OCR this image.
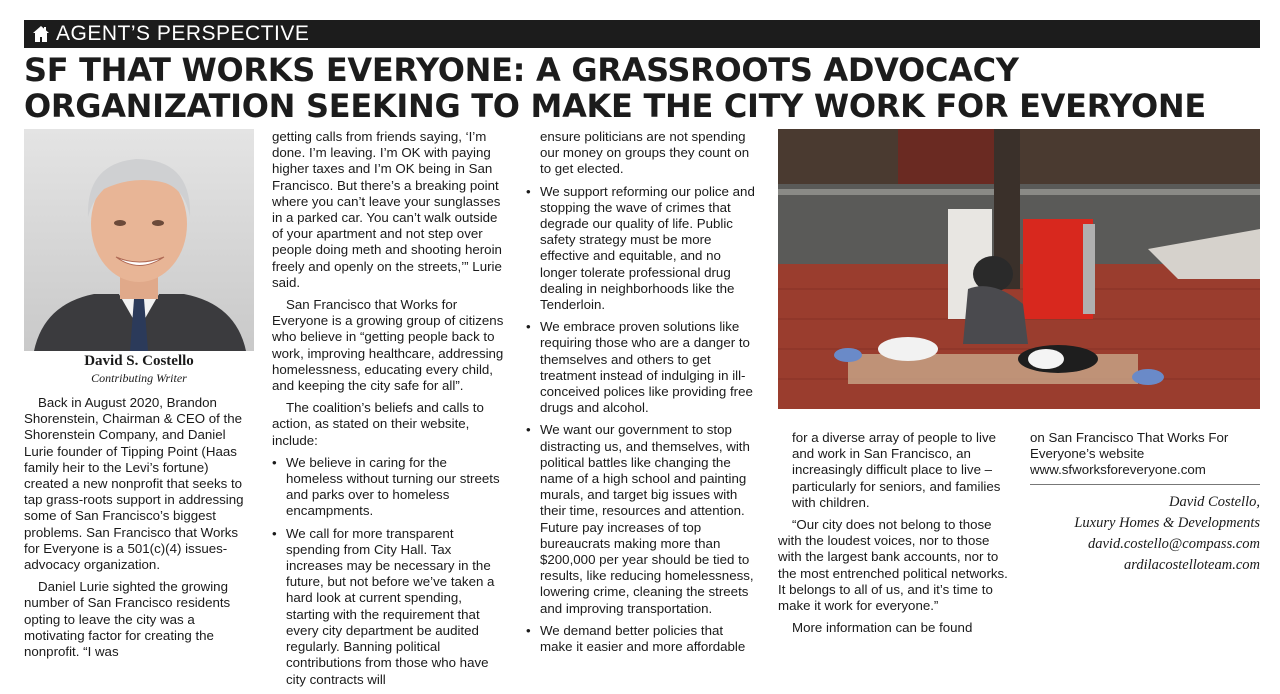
AGENT’S PERSPECTIVE
SF THAT WORKS EVERYONE: A GRASSROOTS ADVOCACY ORGANIZATION SEEKING TO MAKE THE CITY WORK FOR EVERYONE
David S. Costello
Contributing Writer

Back in August 2020, Brandon Shorenstein, Chairman & CEO of the Shorenstein Company, and Daniel Lurie founder of Tipping Point (Haas family heir to the Levi’s fortune) created a new nonprofit that seeks to tap grass-roots support in addressing some of San Francisco’s biggest problems. San Francisco that Works for Everyone is a 501(c)(4) issues-advocacy organization.

Daniel Lurie sighted the growing number of San Francisco residents opting to leave the city was a motivating factor for creating the nonprofit. “I was

getting calls from friends saying, ‘I’m done. I’m leaving. I’m OK with paying higher taxes and I’m OK being in San Francisco. But there’s a breaking point where you can’t leave your sunglasses in a parked car. You can’t walk outside of your apartment and not step over people doing meth and shooting heroin freely and openly on the streets,’” Lurie said.

San Francisco that Works for Everyone is a growing group of citizens who believe in “getting people back to work, improving healthcare, addressing homelessness, educating every child, and keeping the city safe for all”.

The coalition’s beliefs and calls to action, as stated on their website, include:

• We believe in caring for the homeless without turning our streets and parks over to homeless encampments.
• We call for more transparent spending from City Hall. Tax increases may be necessary in the future, but not before we’ve taken a hard look at current spending, starting with the requirement that every city department be audited regularly. Banning political contributions from those who have city contracts will

ensure politicians are not spending our money on groups they count on to get elected.

• We support reforming our police and stopping the wave of crimes that degrade our quality of life. Public safety strategy must be more effective and equitable, and no longer tolerate professional drug dealing in neighborhoods like the Tenderloin.
• We embrace proven solutions like requiring those who are a danger to themselves and others to get treatment instead of indulging in ill-conceived polices like providing free drugs and alcohol.
• We want our government to stop distracting us, and themselves, with political battles like changing the name of a high school and painting murals, and target big issues with their time, resources and attention. Future pay increases of top bureaucrats making more than $200,000 per year should be tied to results, like reducing homelessness, lowering crime, cleaning the streets and improving transportation.
• We demand better policies that make it easier and more affordable

for a diverse array of people to live and work in San Francisco, an increasingly difficult place to live – particularly for seniors, and families with children.

“Our city does not belong to those with the loudest voices, nor to those with the largest bank accounts, nor to the most entrenched political networks. It belongs to all of us, and it’s time to make it work for everyone.”

More information can be found

on San Francisco That Works For Everyone’s website www.sfworksforeveryone.com

David Costello,
Luxury Homes & Developments
david.costello@compass.com
ardilacostelloteam.com
